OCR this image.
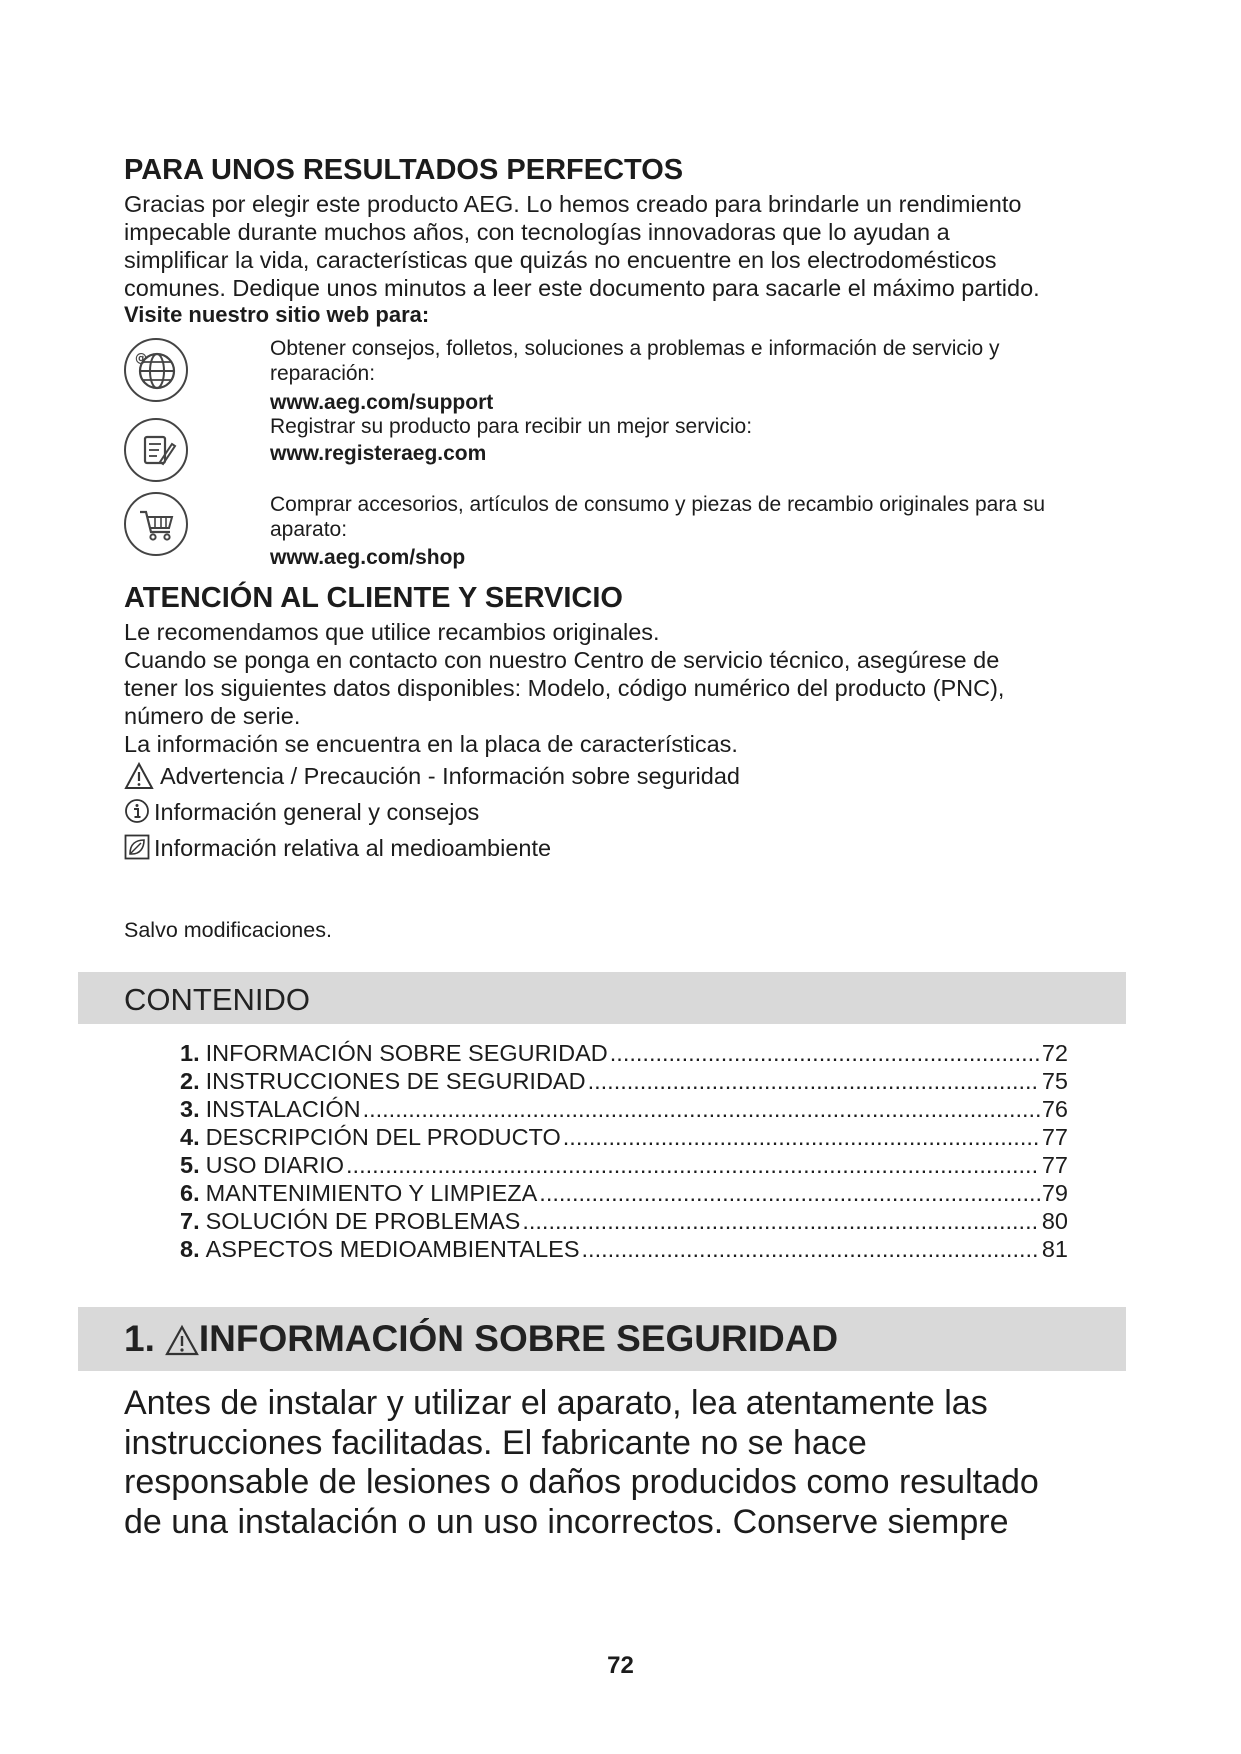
PARA UNOS RESULTADOS PERFECTOS
Gracias por elegir este producto AEG. Lo hemos creado para brindarle un rendimiento
impecable durante muchos años, con tecnologías innovadoras que lo ayudan a
simplificar la vida, características que quizás no encuentre en los electrodomésticos
comunes. Dedique unos minutos a leer este documento para sacarle el máximo partido.
Visite nuestro sitio web para:
@	Obtener consejos, folletos, soluciones a problemas e información de servicio y
reparación:
www.aeg.com/support
Registrar su producto para recibir un mejor servicio:
www.registeraeg.com
Comprar accesorios, artículos de consumo y piezas de recambio originales para su
aparato:
www.aeg.com/shop
ATENCIÓN AL CLIENTE Y SERVICIO
Le recomendamos que utilice recambios originales.
Cuando se ponga en contacto con nuestro Centro de servicio técnico, asegúrese de
tener los siguientes datos disponibles: Modelo, código numérico del producto (PNC),
número de serie.
La información se encuentra en la placa de características.
Advertencia / Precaución - Información sobre seguridad
Información general y consejos
Información relativa al medioambiente
Salvo modificaciones.
CONTENIDO
1. INFORMACIÓN SOBRE SEGURIDAD .....	72
2. INSTRUCCIONES DE SEGURIDAD .....	75
3. INSTALACIÓN .....	76
4. DESCRIPCIÓN DEL PRODUCTO .....	77
5. USO DIARIO .....	77
6. MANTENIMIENTO Y LIMPIEZA .....	79
7. SOLUCIÓN DE PROBLEMAS .....	80
8. ASPECTOS MEDIOAMBIENTALES .....	81
1. INFORMACIÓN SOBRE SEGURIDAD
Antes de instalar y utilizar el aparato, lea atentamente las
instrucciones facilitadas. El fabricante no se hace
responsable de lesiones o daños producidos como resultado
de una instalación o un uso incorrectos. Conserve siempre
72
